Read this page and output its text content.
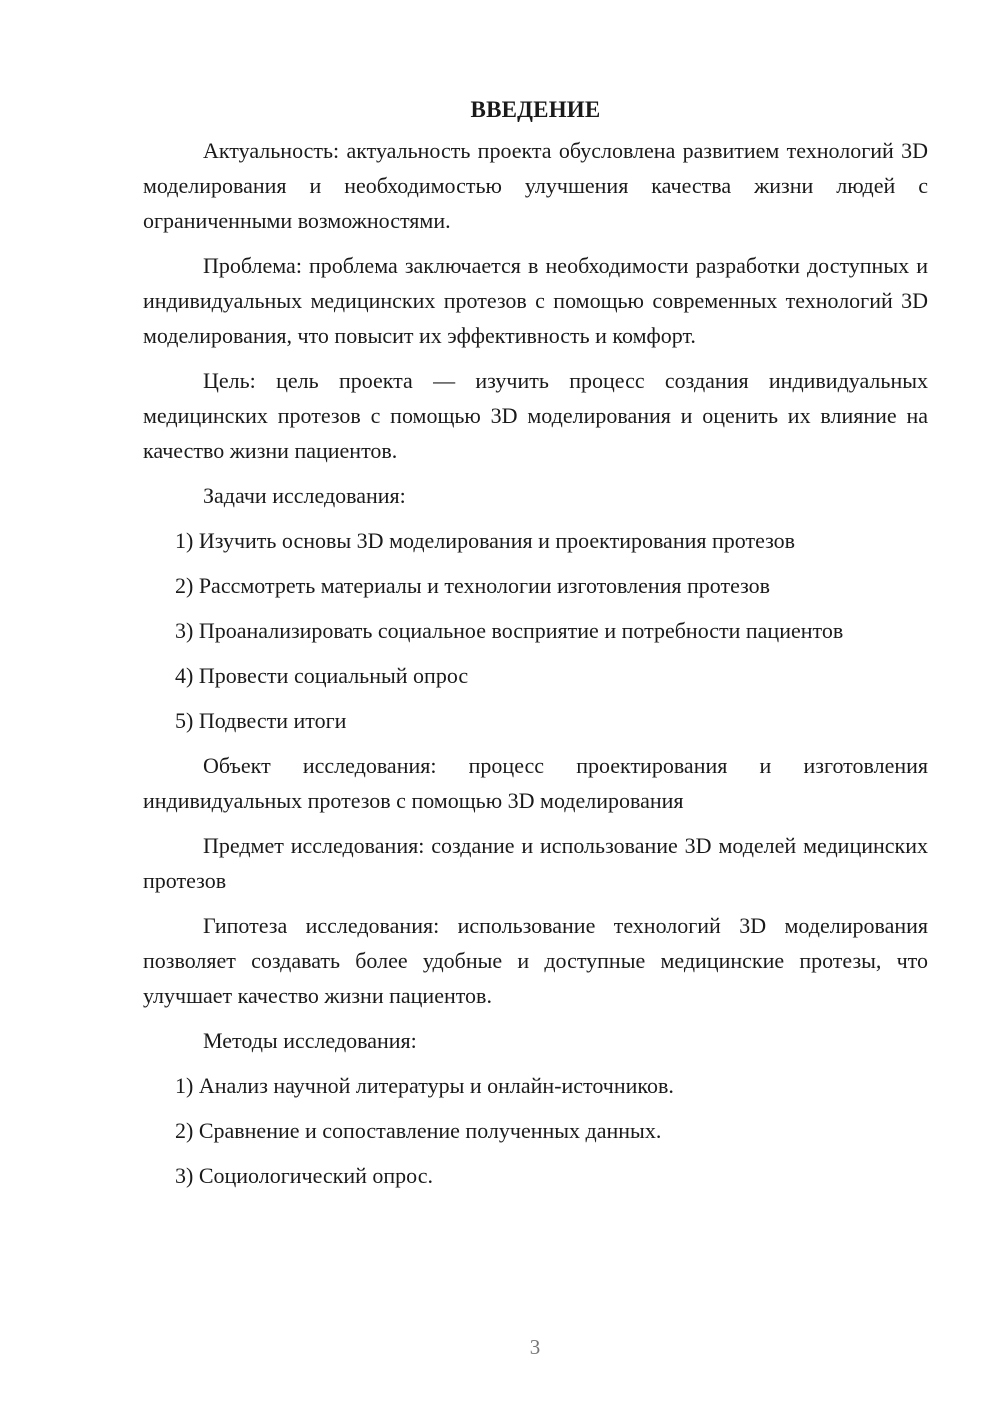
ВВЕДЕНИЕ

Актуальность: актуальность проекта обусловлена развитием технологий 3D моделирования и необходимостью улучшения качества жизни людей с ограниченными возможностями.

Проблема: проблема заключается в необходимости разработки доступных и индивидуальных медицинских протезов с помощью современных технологий 3D моделирования, что повысит их эффективность и комфорт.

Цель: цель проекта — изучить процесс создания индивидуальных медицинских протезов с помощью 3D моделирования и оценить их влияние на качество жизни пациентов.

Задачи исследования:

1) Изучить основы 3D моделирования и проектирования протезов

2) Рассмотреть материалы и технологии изготовления протезов

3) Проанализировать социальное восприятие и потребности пациентов

4) Провести социальный опрос

5) Подвести итоги

Объект исследования: процесс проектирования и изготовления индивидуальных протезов с помощью 3D моделирования

Предмет исследования: создание и использование 3D моделей медицинских протезов

Гипотеза исследования: использование технологий 3D моделирования позволяет создавать более удобные и доступные медицинские протезы, что улучшает качество жизни пациентов.

Методы исследования:

1) Анализ научной литературы и онлайн-источников.

2) Сравнение и сопоставление полученных данных.

3) Социологический опрос.

3
